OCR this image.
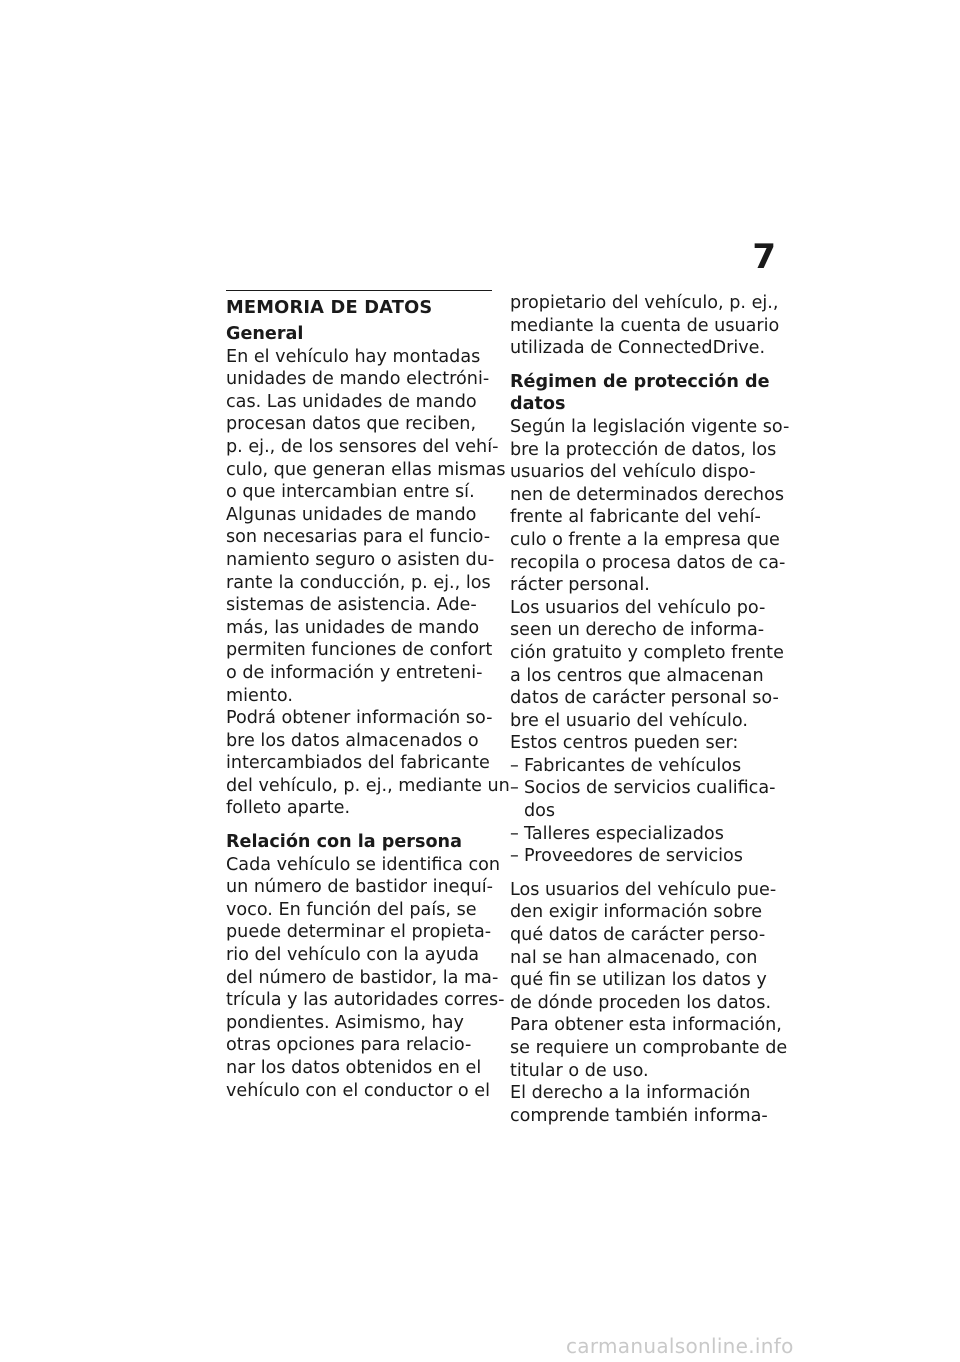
7
MEMORIA DE DATOS
General
En el vehículo hay montadas
unidades de mando electróni-
cas. Las unidades de mando
procesan datos que reciben,
p. ej., de los sensores del vehí-
culo, que generan ellas mismas
o que intercambian entre sí.
Algunas unidades de mando
son necesarias para el funcio-
namiento seguro o asisten du-
rante la conducción, p. ej., los
sistemas de asistencia. Ade-
más, las unidades de mando
permiten funciones de confort
o de información y entreteni-
miento.
Podrá obtener información so-
bre los datos almacenados o
intercambiados del fabricante
del vehículo, p. ej., mediante un
folleto aparte.
Relación con la persona
Cada vehículo se identifica con
un número de bastidor inequí-
voco. En función del país, se
puede determinar el propieta-
rio del vehículo con la ayuda
del número de bastidor, la ma-
trícula y las autoridades corres-
pondientes. Asimismo, hay
otras opciones para relacio-
nar los datos obtenidos en el
vehículo con el conductor o el
propietario del vehículo, p. ej.,
mediante la cuenta de usuario
utilizada de ConnectedDrive.
Régimen de protección de
datos
Según la legislación vigente so-
bre la protección de datos, los
usuarios del vehículo dispo-
nen de determinados derechos
frente al fabricante del vehí-
culo o frente a la empresa que
recopila o procesa datos de ca-
rácter personal.
Los usuarios del vehículo po-
seen un derecho de informa-
ción gratuito y completo frente
a los centros que almacenan
datos de carácter personal so-
bre el usuario del vehículo.
Estos centros pueden ser:
– Fabricantes de vehículos
– Socios de servicios cualifica-
dos
– Talleres especializados
– Proveedores de servicios
Los usuarios del vehículo pue-
den exigir información sobre
qué datos de carácter perso-
nal se han almacenado, con
qué fin se utilizan los datos y
de dónde proceden los datos.
Para obtener esta información,
se requiere un comprobante de
titular o de uso.
El derecho a la información
comprende también informa-
carmanualsonline.info
